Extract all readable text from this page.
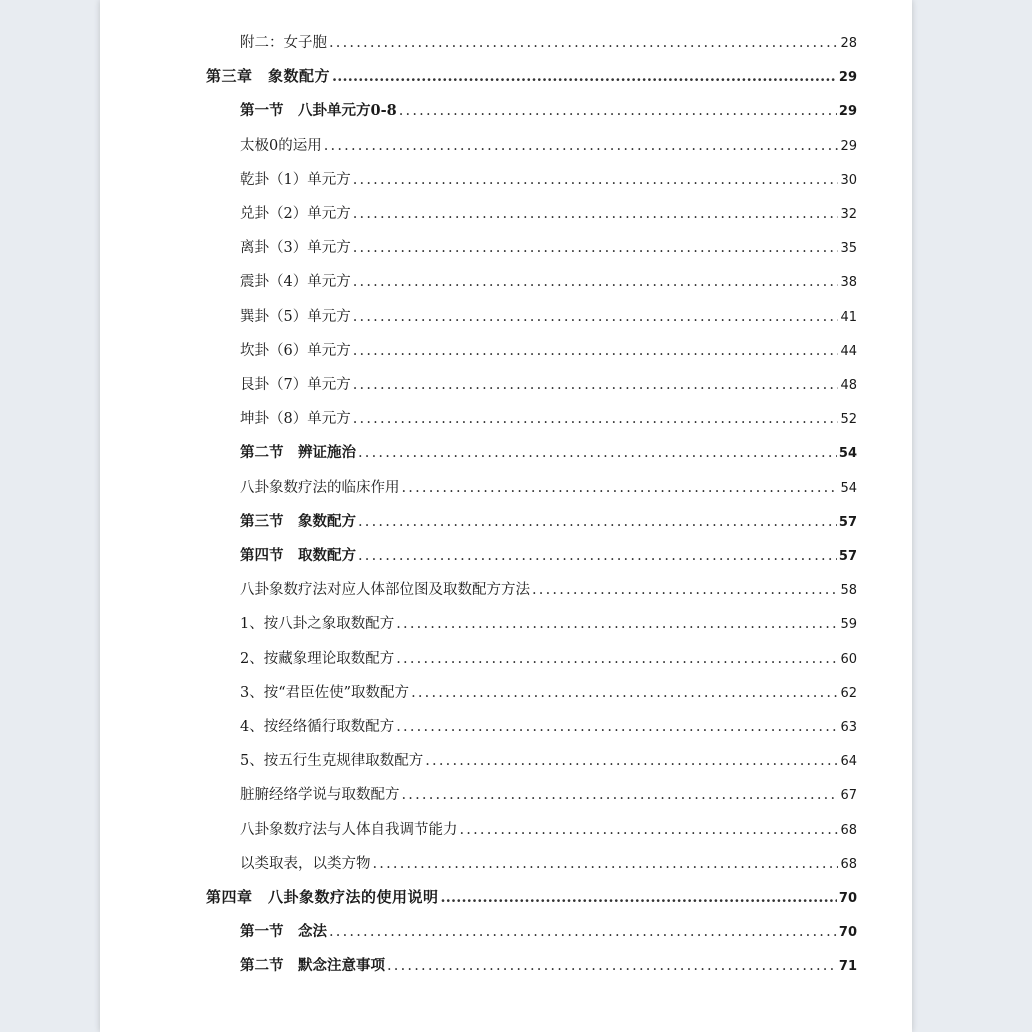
附二：女子胞 .....	28
第三章　象数配方 .....	29
第一节　八卦单元方0-8 .....	29
太极0的运用 .....	29
乾卦（1）单元方 .....	30
兑卦（2）单元方 .....	32
离卦（3）单元方 .....	35
震卦（4）单元方 .....	38
巽卦（5）单元方 .....	41
坎卦（6）单元方 .....	44
艮卦（7）单元方 .....	48
坤卦（8）单元方 .....	52
第二节　辨证施治 .....	54
八卦象数疗法的临床作用 .....	54
第三节　象数配方 .....	57
第四节　取数配方 .....	57
八卦象数疗法对应人体部位图及取数配方方法 .....	58
1、按八卦之象取数配方 .....	59
2、按藏象理论取数配方 .....	60
3、按“君臣佐使”取数配方 .....	62
4、按经络循行取数配方 .....	63
5、按五行生克规律取数配方 .....	64
脏腑经络学说与取数配方 .....	67
八卦象数疗法与人体自我调节能力 .....	68
以类取表，以类方物 .....	68
第四章　八卦象数疗法的使用说明 .....	70
第一节　念法 .....	70
第二节　默念注意事项 .....	71
